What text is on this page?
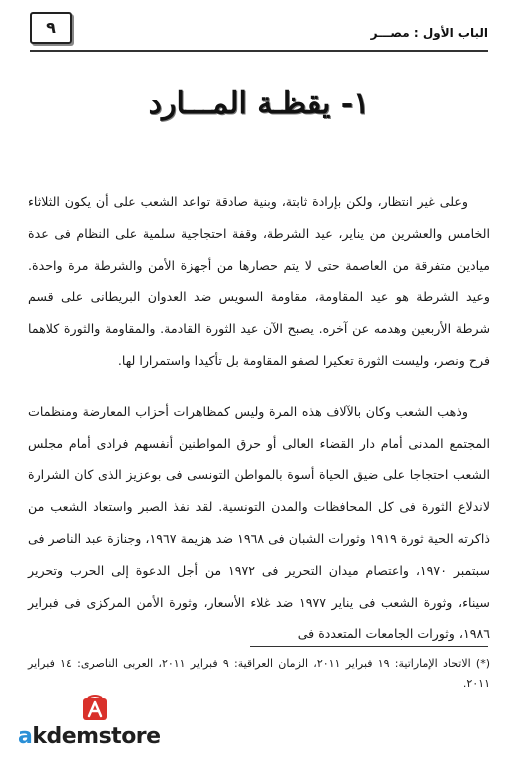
الباب الأول : مصـــر
٩
١- يقظـة المـــارد

وعلى غير انتظار، ولكن بإرادة ثابتة، وبنية صادقة تواعد الشعب على أن يكون الثلاثاء الخامس والعشرين من يناير، عيد الشرطة، وقفة احتجاجية سلمية على النظام فى عدة ميادين متفرقة من العاصمة حتى لا يتم حصارها من أجهزة الأمن والشرطة مرة واحدة. وعيد الشرطة هو عيد المقاومة، مقاومة السويس ضد العدوان البريطانى على قسم شرطة الأربعين وهدمه عن آخره. يصبح الآن عيد الثورة القادمة. والمقاومة والثورة كلاهما فرح ونصر، وليست الثورة تعكيرا لصفو المقاومة بل تأكيدا واستمرارا لها.

وذهب الشعب وكان بالآلاف هذه المرة وليس كمظاهرات أحزاب المعارضة ومنظمات المجتمع المدنى أمام دار القضاء العالى أو حرق المواطنين أنفسهم فرادى أمام مجلس الشعب احتجاجا على ضيق الحياة أسوة بالمواطن التونسى فى بوعزيز الذى كان الشرارة لاندلاع الثورة فى كل المحافظات والمدن التونسية. لقد نفذ الصبر واستعاد الشعب من ذاكرته الحية ثورة ١٩١٩ وثورات الشبان فى ١٩٦٨ ضد هزيمة ١٩٦٧، وجنازة عبد الناصر فى سبتمبر ١٩٧٠، واعتصام ميدان التحرير فى ١٩٧٢ من أجل الدعوة إلى الحرب وتحرير سيناء، وثورة الشعب فى يناير ١٩٧٧ ضد غلاء الأسعار، وثورة الأمن المركزى فى فبراير ١٩٨٦، وثورات الجامعات المتعددة فى

(*) الاتحاد الإماراتية: ١٩ فبراير ٢٠١١، الزمان العراقية: ٩ فبراير ٢٠١١، العربى الناصرى: ١٤ فبراير ٢٠١١.
akdemstore
